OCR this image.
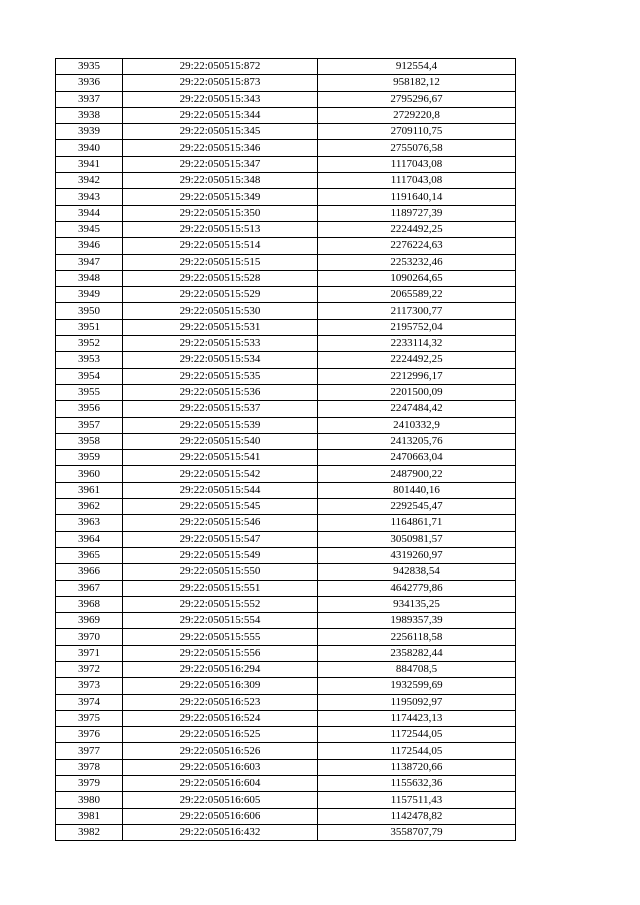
3935	29:22:050515:872	912554,4
3936	29:22:050515:873	958182,12
3937	29:22:050515:343	2795296,67
3938	29:22:050515:344	2729220,8
3939	29:22:050515:345	2709110,75
3940	29:22:050515:346	2755076,58
3941	29:22:050515:347	1117043,08
3942	29:22:050515:348	1117043,08
3943	29:22:050515:349	1191640,14
3944	29:22:050515:350	1189727,39
3945	29:22:050515:513	2224492,25
3946	29:22:050515:514	2276224,63
3947	29:22:050515:515	2253232,46
3948	29:22:050515:528	1090264,65
3949	29:22:050515:529	2065589,22
3950	29:22:050515:530	2117300,77
3951	29:22:050515:531	2195752,04
3952	29:22:050515:533	2233114,32
3953	29:22:050515:534	2224492,25
3954	29:22:050515:535	2212996,17
3955	29:22:050515:536	2201500,09
3956	29:22:050515:537	2247484,42
3957	29:22:050515:539	2410332,9
3958	29:22:050515:540	2413205,76
3959	29:22:050515:541	2470663,04
3960	29:22:050515:542	2487900,22
3961	29:22:050515:544	801440,16
3962	29:22:050515:545	2292545,47
3963	29:22:050515:546	1164861,71
3964	29:22:050515:547	3050981,57
3965	29:22:050515:549	4319260,97
3966	29:22:050515:550	942838,54
3967	29:22:050515:551	4642779,86
3968	29:22:050515:552	934135,25
3969	29:22:050515:554	1989357,39
3970	29:22:050515:555	2256118,58
3971	29:22:050515:556	2358282,44
3972	29:22:050516:294	884708,5
3973	29:22:050516:309	1932599,69
3974	29:22:050516:523	1195092,97
3975	29:22:050516:524	1174423,13
3976	29:22:050516:525	1172544,05
3977	29:22:050516:526	1172544,05
3978	29:22:050516:603	1138720,66
3979	29:22:050516:604	1155632,36
3980	29:22:050516:605	1157511,43
3981	29:22:050516:606	1142478,82
3982	29:22:050516:432	3558707,79
